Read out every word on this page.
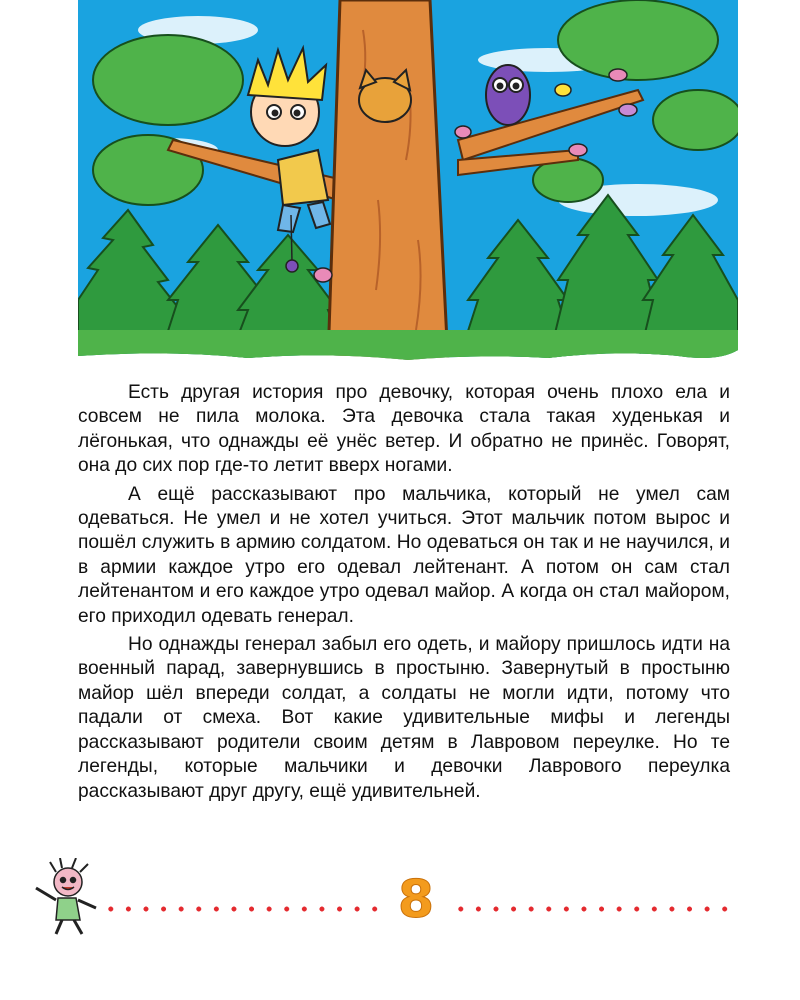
Есть другая история про девочку, которая очень плохо ела и совсем не пила молока. Эта девочка стала такая худенькая и лёгонькая, что однажды её унёс ветер. И обратно не принёс. Говорят, она до сих пор где-то летит вверх ногами.

А ещё рассказывают про мальчика, который не умел сам одеваться. Не умел и не хотел учиться. Этот мальчик потом вырос и пошёл служить в армию солдатом. Но одеваться он так и не научился, и в армии каждое утро его одевал лейтенант. А потом он сам стал лейтенантом и его каждое утро одевал майор. А когда он стал майором, его приходил одевать генерал.

Но однажды генерал забыл его одеть, и майору пришлось идти на военный парад, завернувшись в простыню. Завернутый в простыню майор шёл впереди солдат, а солдаты не могли идти, потому что падали от смеха. Вот какие удивительные мифы и легенды рассказывают родители своим детям в Лавровом переулке. Но те легенды, которые мальчики и девочки Лаврового переулка рассказывают друг другу, ещё удивительней.

8
